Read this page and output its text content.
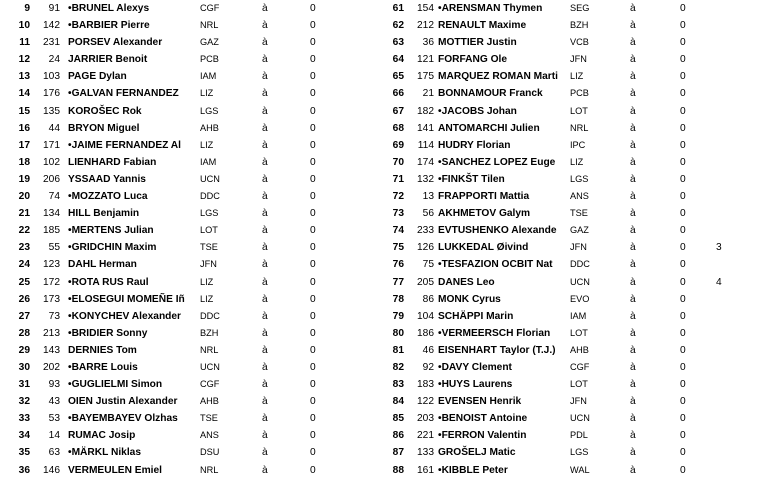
9	91 •BRUNEL Alexys	CGF	à	0
10	142 •BARBIER Pierre	NRL	à	0
11	231 PORSEV Alexander	GAZ	à	0
12	24 JARRIER Benoit	PCB	à	0
13	103 PAGE Dylan	IAM	à	0
14	176 •GALVAN FERNANDEZ	LIZ	à	0
15	135 KOROŠEC Rok	LGS	à	0
16	44 BRYON Miguel	AHB	à	0
17	171 •JAIME FERNANDEZ Al	LIZ	à	0
18	102 LIENHARD Fabian	IAM	à	0
19	206 YSSAAD Yannis	UCN	à	0
20	74 •MOZZATO Luca	DDC	à	0
21	134 HILL Benjamin	LGS	à	0
22	185 •MERTENS Julian	LOT	à	0
23	55 •GRIDCHIN Maxim	TSE	à	0
24	123 DAHL Herman	JFN	à	0
25	172 •ROTA RUS Raul	LIZ	à	0
26	173 •ELOSEGUI MOMEÑE Iñ	LIZ	à	0
27	73 •KONYCHEV Alexander	DDC	à	0
28	213 •BRIDIER Sonny	BZH	à	0
29	143 DERNIES Tom	NRL	à	0
30	202 •BARRE Louis	UCN	à	0
31	93 •GUGLIELMI Simon	CGF	à	0
32	43 OIEN Justin Alexander	AHB	à	0
33	53 •BAYEMBAYEV Olzhas	TSE	à	0
34	14 RUMAC Josip	ANS	à	0
35	63 •MÄRKL Niklas	DSU	à	0
36	146 VERMEULEN Emiel	NRL	à	0
61	154 •ARENSMAN Thymen	SEG	à	0
62	212 RENAULT Maxime	BZH	à	0
63	36 MOTTIER Justin	VCB	à	0
64	121 FORFANG Ole	JFN	à	0
65	175 MARQUEZ ROMAN Marti	LIZ	à	0
66	21 BONNAMOUR Franck	PCB	à	0
67	182 •JACOBS Johan	LOT	à	0
68	141 ANTOMARCHI Julien	NRL	à	0
69	114 HUDRY Florian	IPC	à	0
70	174 •SANCHEZ LOPEZ Euge	LIZ	à	0
71	132 •FINKŠT Tilen	LGS	à	0
72	13 FRAPPORTI Mattia	ANS	à	0
73	56 AKHMETOV Galym	TSE	à	0
74	233 EVTUSHENKO Alexande	GAZ	à	0
75	126 LUKKEDAL Øivind	JFN	à	0	3
76	75 •TESFAZION OCBIT Nat	DDC	à	0
77	205 DANES Leo	UCN	à	0	4
78	86 MONK Cyrus	EVO	à	0
79	104 SCHÄPPI Marin	IAM	à	0
80	186 •VERMEERSCH Florian	LOT	à	0
81	46 EISENHART Taylor (T.J.)	AHB	à	0
82	92 •DAVY Clement	CGF	à	0
83	183 •HUYS Laurens	LOT	à	0
84	122 EVENSEN Henrik	JFN	à	0
85	203 •BENOIST Antoine	UCN	à	0
86	221 •FERRON Valentin	PDL	à	0
87	133 GROŠELJ Matic	LGS	à	0
88	161 •KIBBLE Peter	WAL	à	0
